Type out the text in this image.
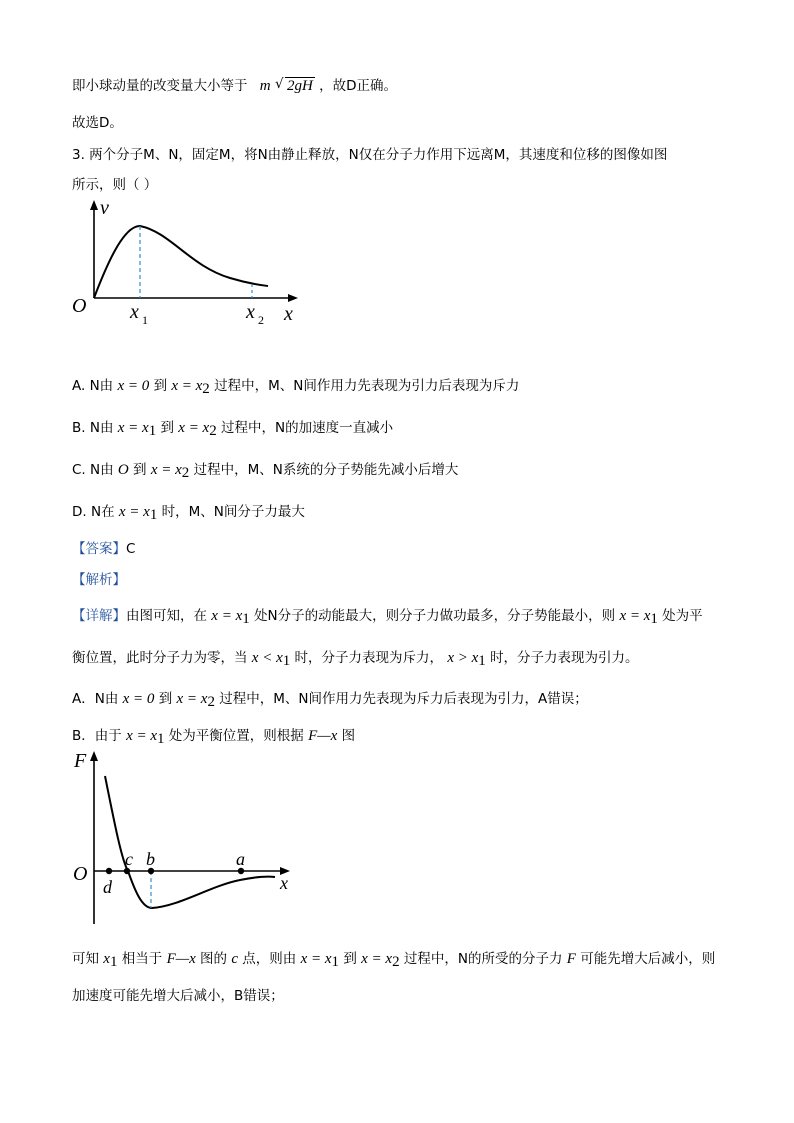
即小球动量的改变量大小等于 m √ 2gH ，故D正确。
故选D。
3. 两个分子M、N，固定M，将N由静止释放，N仅在分子力作用下远离M，其速度和位移的图像如图
所示，则（ ）
v
O x 1	x 2 x
A. N由 x = 0 到 $x = x_2$ 过程中，M、N间作用力先表现为引力后表现为斥力
B. N由 $x = x_1$ 到 $x = x_2$ 过程中，N的加速度一直减小
C. N由 O 到 $x = x_2$ 过程中，M、N系统的分子势能先减小后增大
D. N在 $x = x_1$ 时，M、N间分子力最大
【答案】C
【解析】
【详解】由图可知，在 $x = x_1$ 处N分子的动能最大，则分子力做功最多，分子势能最小，则 $x = x_1$ 处为平
衡位置，此时分子力为零，当 $x < x_1$ 时，分子力表现为斥力， $x > x_1$ 时，分子力表现为引力。
A．N由 x = 0 到 $x = x_2$ 过程中，M、N间作用力先表现为斥力后表现为引力，A错误；
B．由于 $x = x_1$ 处为平衡位置，则根据 F—x 图
F
O
d
c b	a
x
可知 $x_1$ 相当于 F—x 图的 c 点，则由 $x = x_1$ 到 $x = x_2$ 过程中，N的所受的分子力 F 可能先增大后减小，则
加速度可能先增大后减小，B错误；
